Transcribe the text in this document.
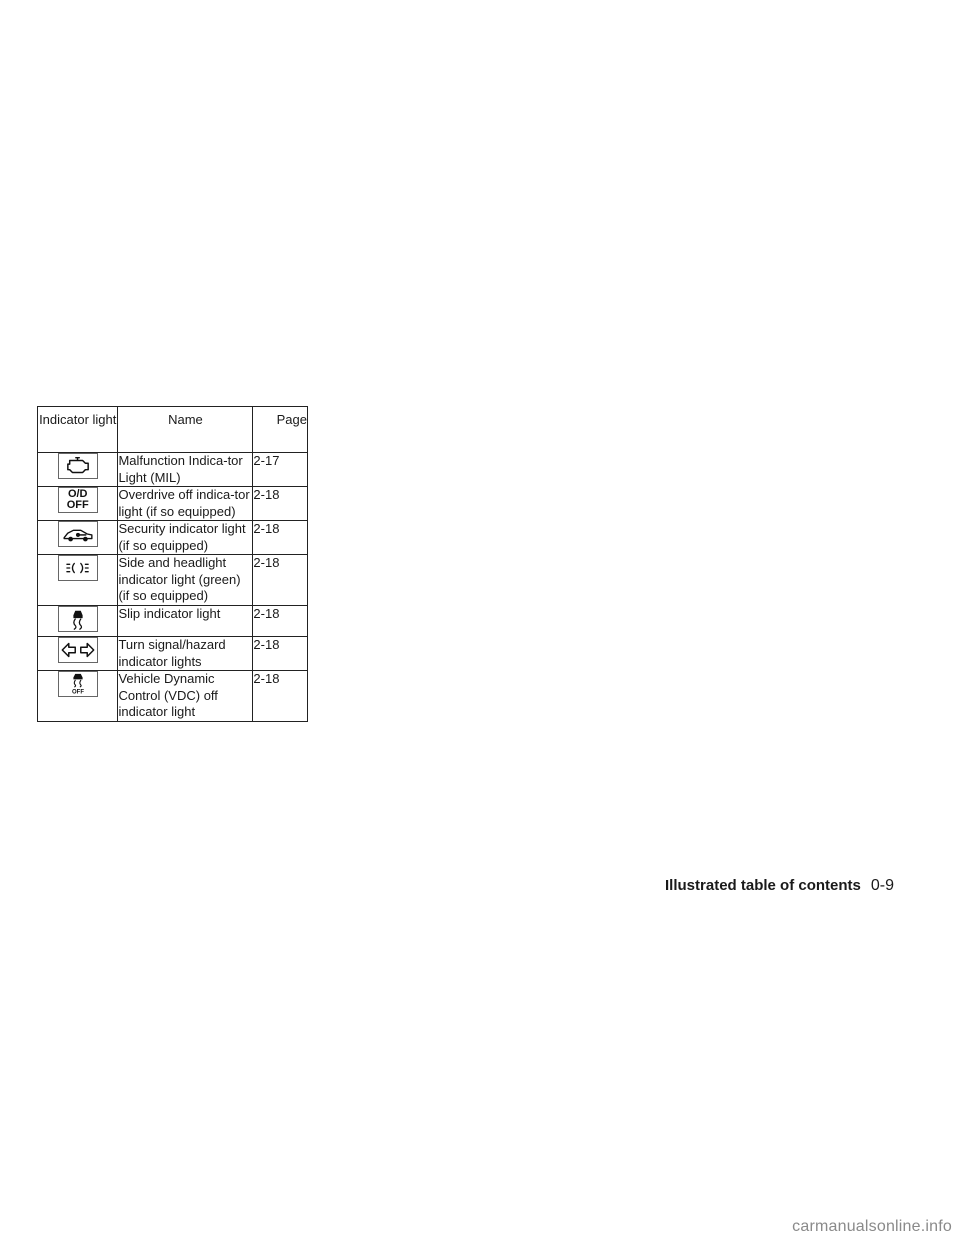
Indicator light	Name	Page

	Malfunction Indica-tor Light (MIL)	2-17
O/D OFF	Overdrive off indica-tor light (if so equipped)	2-18

	Security indicator light (if so equipped)	2-18

	Side and headlight indicator light (green) (if so equipped)	2-18

	Slip indicator light	2-18

	Turn signal/hazard indicator lights	2-18

OFF	Vehicle Dynamic Control (VDC) off indicator light	2-18
Illustrated table of contents 0-9
carmanualsonline.info
